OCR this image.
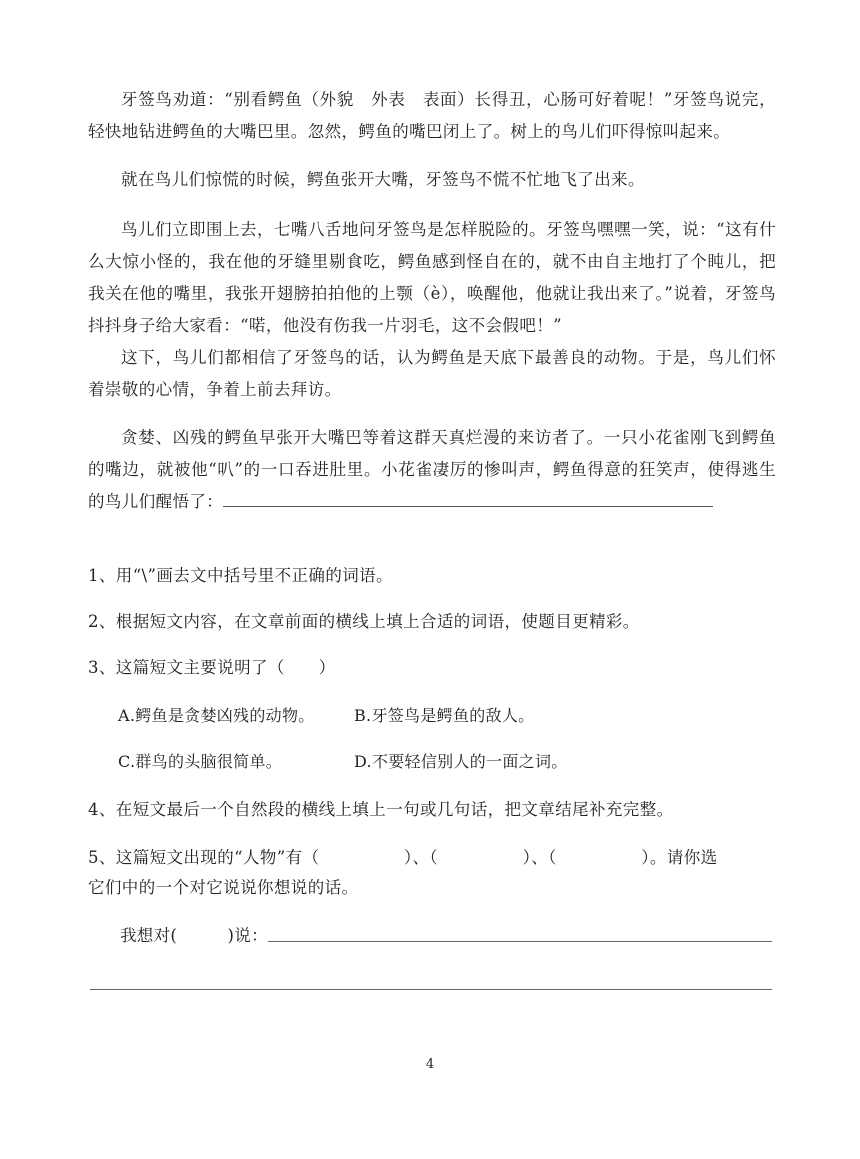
牙签鸟劝道：“别看鳄鱼（外貌　外表　表面）长得丑，心肠可好着呢！”牙签鸟说完，轻快地钻进鳄鱼的大嘴巴里。忽然，鳄鱼的嘴巴闭上了。树上的鸟儿们吓得惊叫起来。

就在鸟儿们惊慌的时候，鳄鱼张开大嘴，牙签鸟不慌不忙地飞了出来。

鸟儿们立即围上去，七嘴八舌地问牙签鸟是怎样脱险的。牙签鸟嘿嘿一笑，说：“这有什么大惊小怪的，我在他的牙缝里剔食吃，鳄鱼感到怪自在的，就不由自主地打了个盹儿，把我关在他的嘴里，我张开翅膀拍拍他的上颚（è），唤醒他，他就让我出来了。”说着，牙签鸟抖抖身子给大家看：“喏，他没有伤我一片羽毛，这不会假吧！”

这下，鸟儿们都相信了牙签鸟的话，认为鳄鱼是天底下最善良的动物。于是，鸟儿们怀着崇敬的心情，争着上前去拜访。

贪婪、凶残的鳄鱼早张开大嘴巴等着这群天真烂漫的来访者了。一只小花雀刚飞到鳄鱼的嘴边，就被他“叭”的一口吞进肚里。小花雀凄厉的惨叫声，鳄鱼得意的狂笑声，使得逃生的鸟儿们醒悟了：

1、用“\”画去文中括号里不正确的词语。

2、根据短文内容，在文章前面的横线上填上合适的词语，使题目更精彩。

3、这篇短文主要说明了（　　）

A.鳄鱼是贪婪凶残的动物。 B.牙签鸟是鳄鱼的敌人。
C.群鸟的头脑很简单。	D.不要轻信别人的一面之词。

4、在短文最后一个自然段的横线上填上一句或几句话，把文章结尾补充完整。

5、这篇短文出现的“人物”有（　　　　　）、（　　　　　）、（　　　　　）。请你选

它们中的一个对它说说你想说的话。

我想对(　　　)说：
4
